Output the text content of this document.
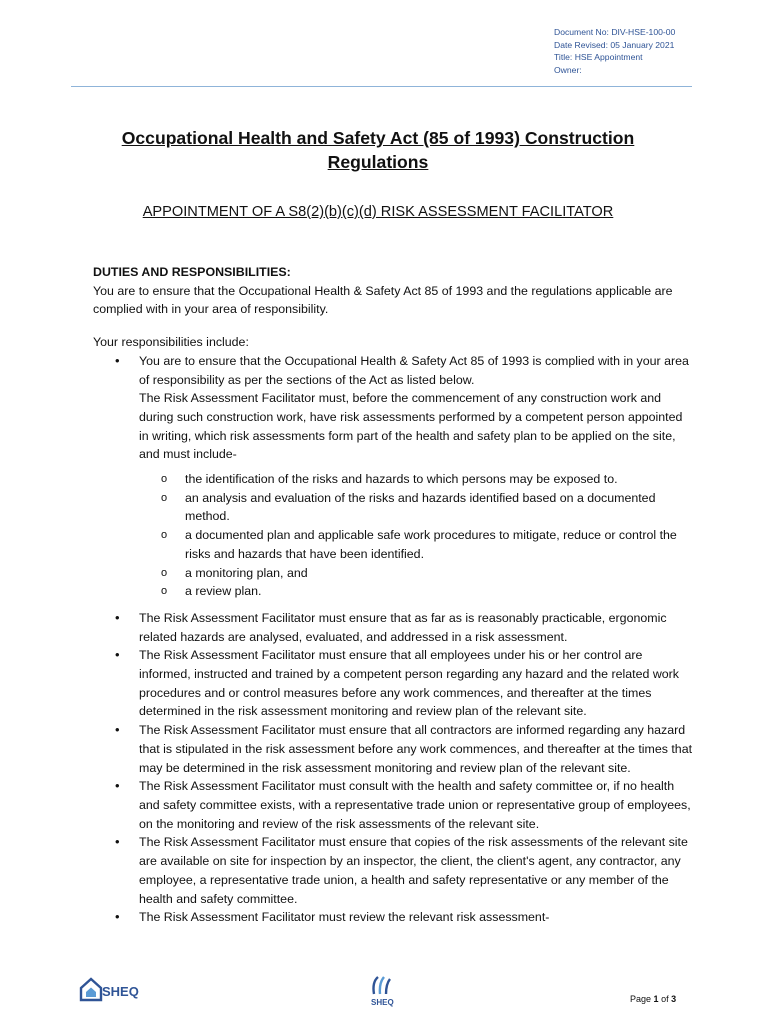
Document No: DIV-HSE-100-00
Date Revised: 05 January 2021
Title: HSE Appointment
Owner:
Occupational Health and Safety Act (85 of 1993) Construction Regulations
APPOINTMENT OF A S8(2)(b)(c)(d) RISK ASSESSMENT FACILITATOR
DUTIES AND RESPONSIBILITIES:

You are to ensure that the Occupational Health & Safety Act 85 of 1993 and the regulations applicable are complied with in your area of responsibility.

Your responsibilities include:

• You are to ensure that the Occupational Health & Safety Act 85 of 1993 is complied with in your area of responsibility as per the sections of the Act as listed below.
The Risk Assessment Facilitator must, before the commencement of any construction work and during such construction work, have risk assessments performed by a competent person appointed in writing, which risk assessments form part of the health and safety plan to be applied on the site, and must include-
o the identification of the risks and hazards to which persons may be exposed to.
o an analysis and evaluation of the risks and hazards identified based on a documented method.
o a documented plan and applicable safe work procedures to mitigate, reduce or control the risks and hazards that have been identified.
o a monitoring plan, and
o a review plan.
• The Risk Assessment Facilitator must ensure that as far as is reasonably practicable, ergonomic related hazards are analysed, evaluated, and addressed in a risk assessment.
• The Risk Assessment Facilitator must ensure that all employees under his or her control are informed, instructed and trained by a competent person regarding any hazard and the related work procedures and or control measures before any work commences, and thereafter at the times determined in the risk assessment monitoring and review plan of the relevant site.
• The Risk Assessment Facilitator must ensure that all contractors are informed regarding any hazard that is stipulated in the risk assessment before any work commences, and thereafter at the times that may be determined in the risk assessment monitoring and review plan of the relevant site.
• The Risk Assessment Facilitator must consult with the health and safety committee or, if no health and safety committee exists, with a representative trade union or representative group of employees, on the monitoring and review of the risk assessments of the relevant site.
• The Risk Assessment Facilitator must ensure that copies of the risk assessments of the relevant site are available on site for inspection by an inspector, the client, the client's agent, any contractor, any employee, a representative trade union, a health and safety representative or any member of the health and safety committee.
• The Risk Assessment Facilitator must review the relevant risk assessment-
SHEQ
SHEQ	Page 1 of 3
